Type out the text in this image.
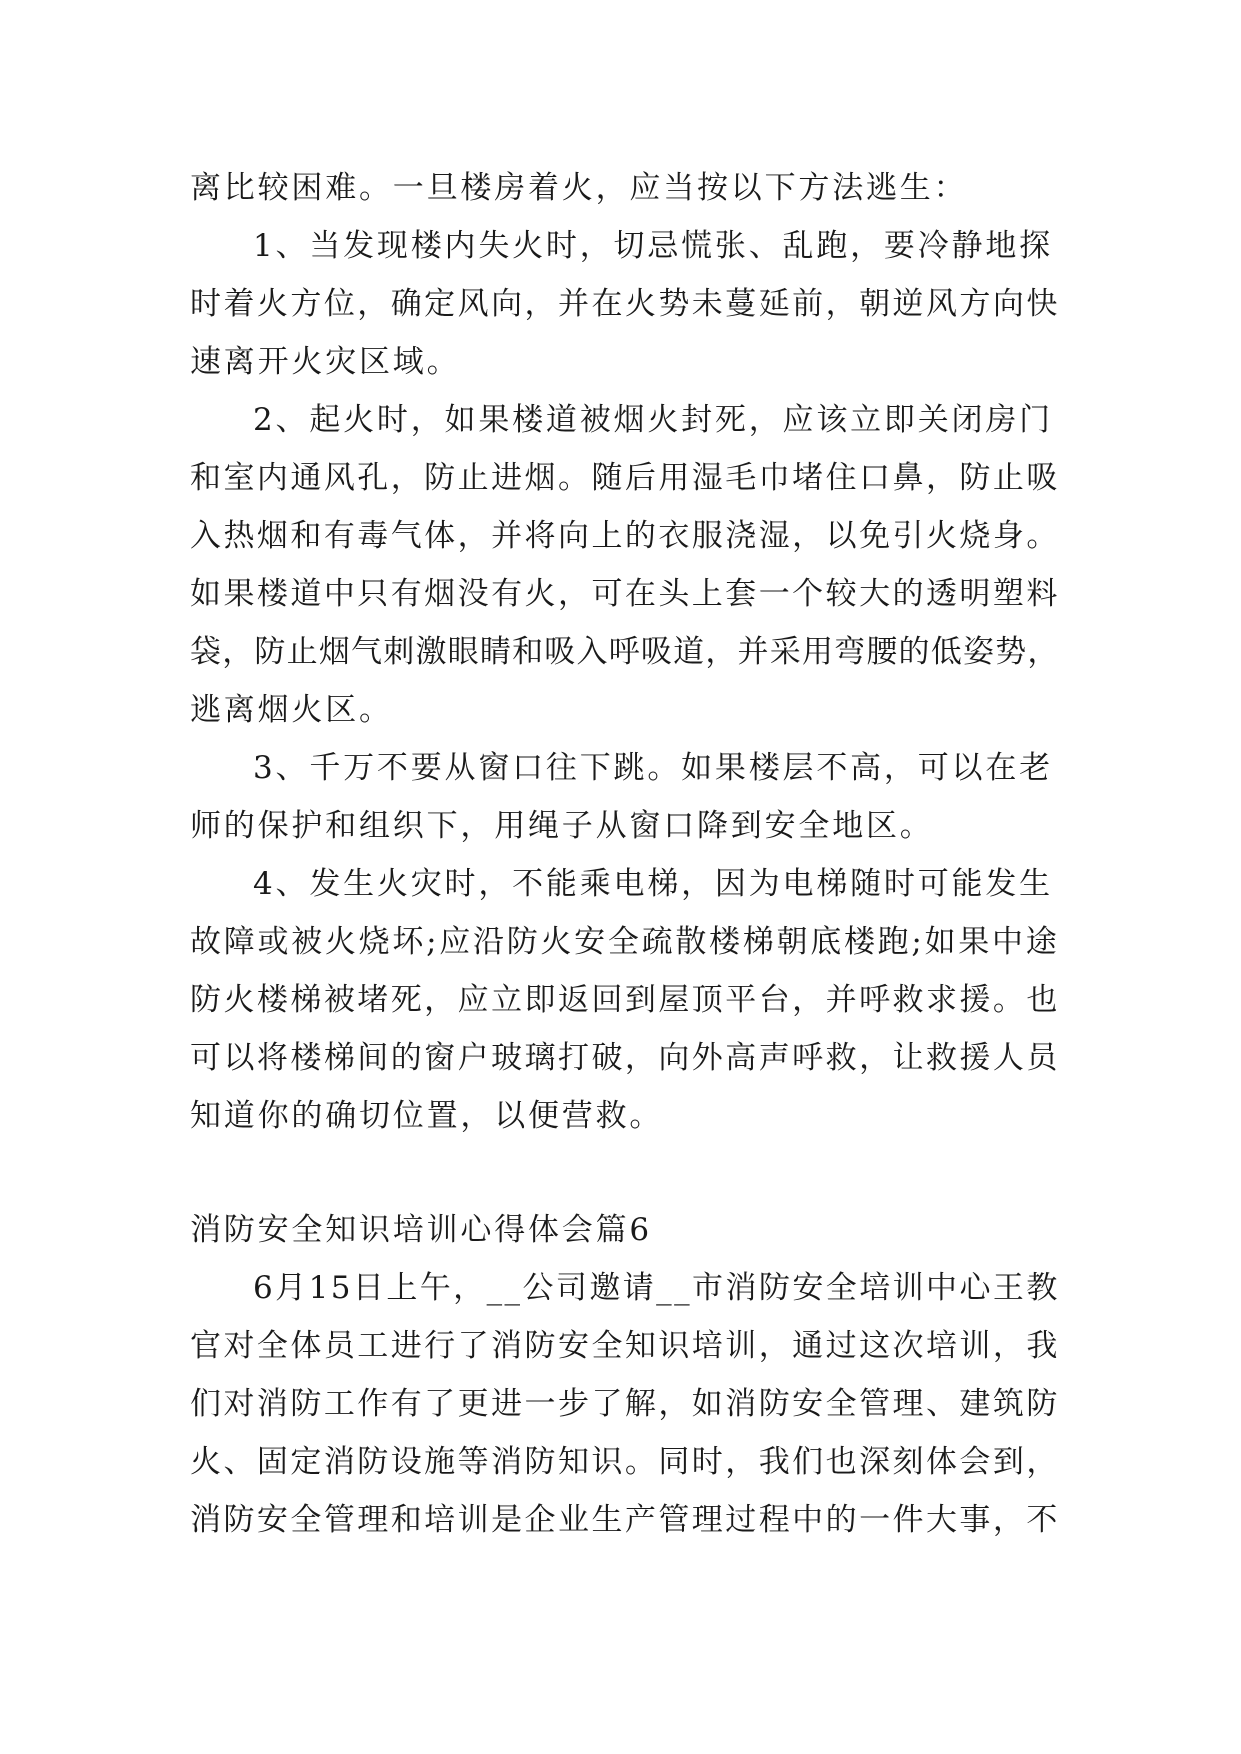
离比较困难。一旦楼房着火，应当按以下方法逃生：
1、当发现楼内失火时，切忌慌张、乱跑，要冷静地探
时着火方位，确定风向，并在火势未蔓延前，朝逆风方向快
速离开火灾区域。
2、起火时，如果楼道被烟火封死，应该立即关闭房门
和室内通风孔，防止进烟。随后用湿毛巾堵住口鼻，防止吸
入热烟和有毒气体，并将向上的衣服浇湿，以免引火烧身。
如果楼道中只有烟没有火，可在头上套一个较大的透明塑料
袋，防止烟气刺激眼睛和吸入呼吸道，并采用弯腰的低姿势，
逃离烟火区。
3、千万不要从窗口往下跳。如果楼层不高，可以在老
师的保护和组织下，用绳子从窗口降到安全地区。
4、发生火灾时，不能乘电梯，因为电梯随时可能发生
故障或被火烧坏;应沿防火安全疏散楼梯朝底楼跑;如果中途
防火楼梯被堵死，应立即返回到屋顶平台，并呼救求援。也
可以将楼梯间的窗户玻璃打破，向外高声呼救，让救援人员
知道你的确切位置，以便营救。
消防安全知识培训心得体会篇6
6月15日上午，__公司邀请__市消防安全培训中心王教
官对全体员工进行了消防安全知识培训，通过这次培训，我
们对消防工作有了更进一步了解，如消防安全管理、建筑防
火、固定消防设施等消防知识。同时，我们也深刻体会到，
消防安全管理和培训是企业生产管理过程中的一件大事，不
